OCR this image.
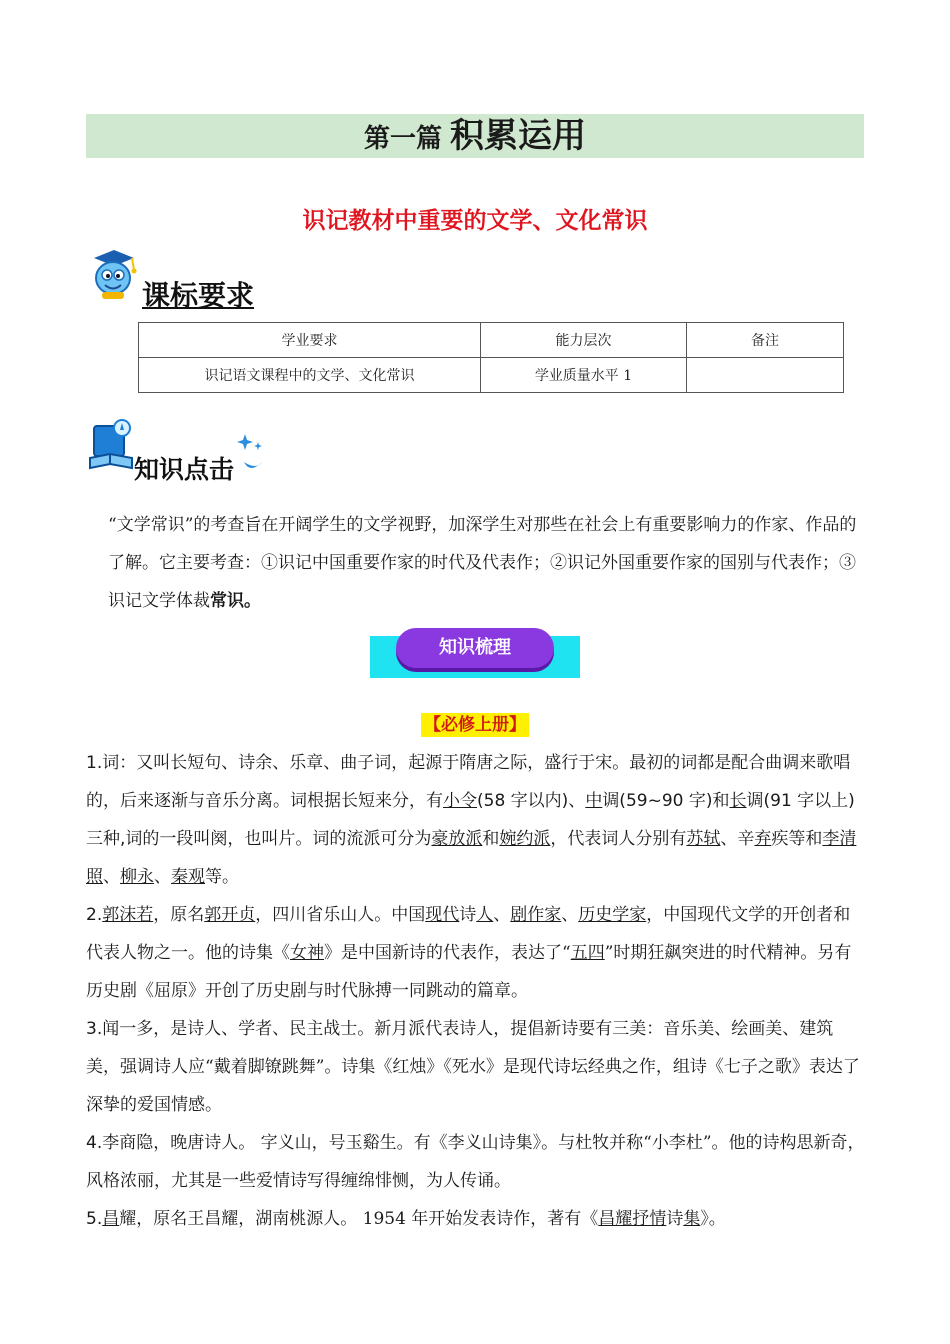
第一篇 积累运用
识记教材中重要的文学、文化常识
课标要求
学业要求	能力层次	备注
识记语文课程中的文学、文化常识	学业质量水平 1	
知识点击
“文学常识”的考查旨在开阔学生的文学视野，加深学生对那些在社会上有重要影响力的作家、作品的了解。它主要考查：①识记中国重要作家的时代及代表作；②识记外国重要作家的国别与代表作；③识记文学体裁常识。
知识梳理
【必修上册】

1.词：又叫长短句、诗余、乐章、曲子词，起源于隋唐之际，盛行于宋。最初的词都是配合曲调来歌唱的，后来逐渐与音乐分离。词根据长短来分，有小令(58 字以内)、中调(59~90 字)和长调(91 字以上)三种,词的一段叫阕，也叫片。词的流派可分为豪放派和婉约派，代表词人分别有苏轼、辛弃疾等和李清照、柳永、秦观等。

2.郭沫若，原名郭开贞，四川省乐山人。中国现代诗人、剧作家、历史学家，中国现代文学的开创者和代表人物之一。他的诗集《女神》是中国新诗的代表作，表达了“五四”时期狂飙突进的时代精神。另有历史剧《屈原》开创了历史剧与时代脉搏一同跳动的篇章。

3.闻一多，是诗人、学者、民主战士。新月派代表诗人，提倡新诗要有三美：音乐美、绘画美、建筑美，强调诗人应“戴着脚镣跳舞”。诗集《红烛》《死水》是现代诗坛经典之作，组诗《七子之歌》表达了深挚的爱国情感。

4.李商隐，晚唐诗人。 字义山，号玉谿生。有《李义山诗集》。与杜牧并称“小李杜”。他的诗构思新奇，风格浓丽，尤其是一些爱情诗写得缠绵悱恻，为人传诵。

5.昌耀，原名王昌耀，湖南桃源人。 1954 年开始发表诗作，著有《昌耀抒情诗集》。
